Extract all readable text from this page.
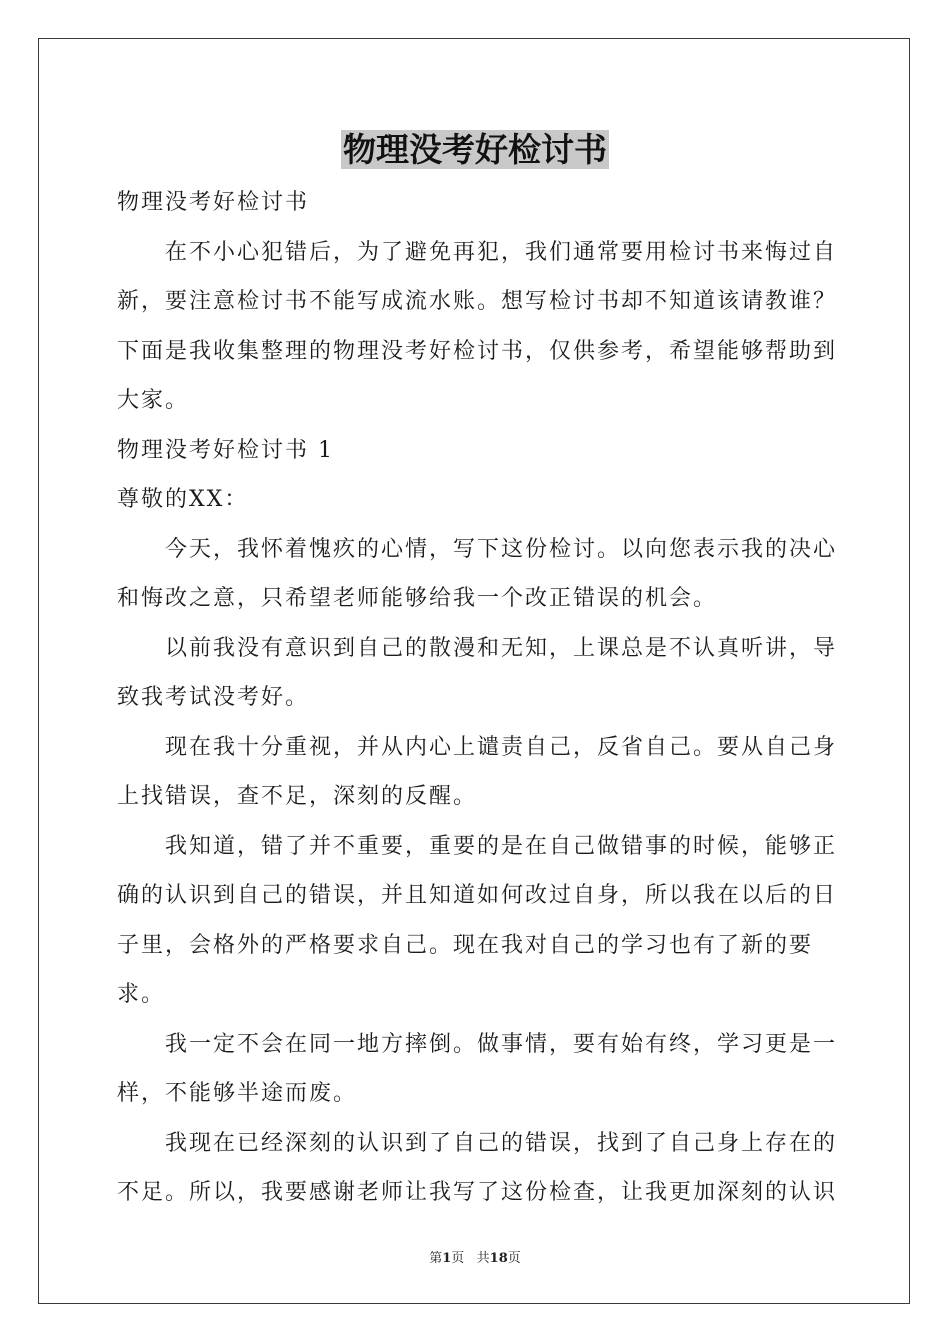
物理没考好检讨书

物理没考好检讨书

在不小心犯错后，为了避免再犯，我们通常要用检讨书来悔过自新，要注意检讨书不能写成流水账。想写检讨书却不知道该请教谁？下面是我收集整理的物理没考好检讨书，仅供参考，希望能够帮助到大家。

物理没考好检讨书 1

尊敬的XX：

今天，我怀着愧疚的心情，写下这份检讨。以向您表示我的决心和悔改之意，只希望老师能够给我一个改正错误的机会。

以前我没有意识到自己的散漫和无知，上课总是不认真听讲，导致我考试没考好。

现在我十分重视，并从内心上谴责自己，反省自己。要从自己身上找错误，查不足，深刻的反醒。

我知道，错了并不重要，重要的是在自己做错事的时候，能够正确的认识到自己的错误，并且知道如何改过自身，所以我在以后的日子里，会格外的严格要求自己。现在我对自己的学习也有了新的要求。

我一定不会在同一地方摔倒。做事情，要有始有终，学习更是一样，不能够半途而废。

我现在已经深刻的认识到了自己的错误，找到了自己身上存在的不足。所以，我要感谢老师让我写了这份检查，让我更加深刻的认识

第1页   共18页
